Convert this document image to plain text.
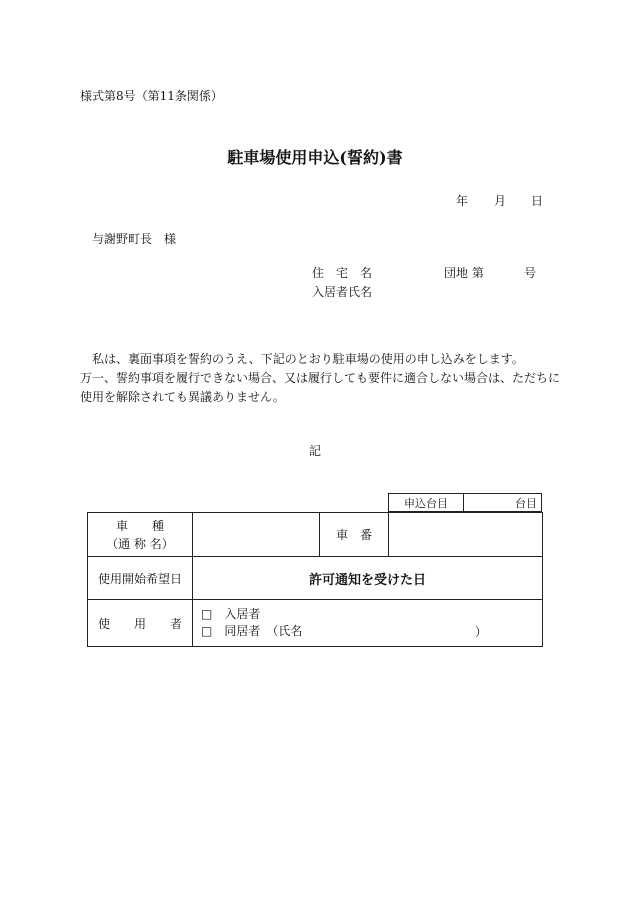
様式第8号（第11条関係）
駐車場使用申込(誓約)書
年 月 日
与謝野町長　様
住　宅　名	団地 第	号
入居者氏名

私は、裏面事項を誓約のうえ、下記のとおり駐車場の使用の申し込みをします。

万一、誓約事項を履行できない場合、又は履行しても要件に適合しない場合は、ただちに使用を解除されても異議ありません。

記
申込台目	台目
車　　種
（通 称 名）		車　番	
使用開始希望日	許可通知を受けた日		
使　　用　　者	□　入居者
□　同居者　（氏名 ）		
